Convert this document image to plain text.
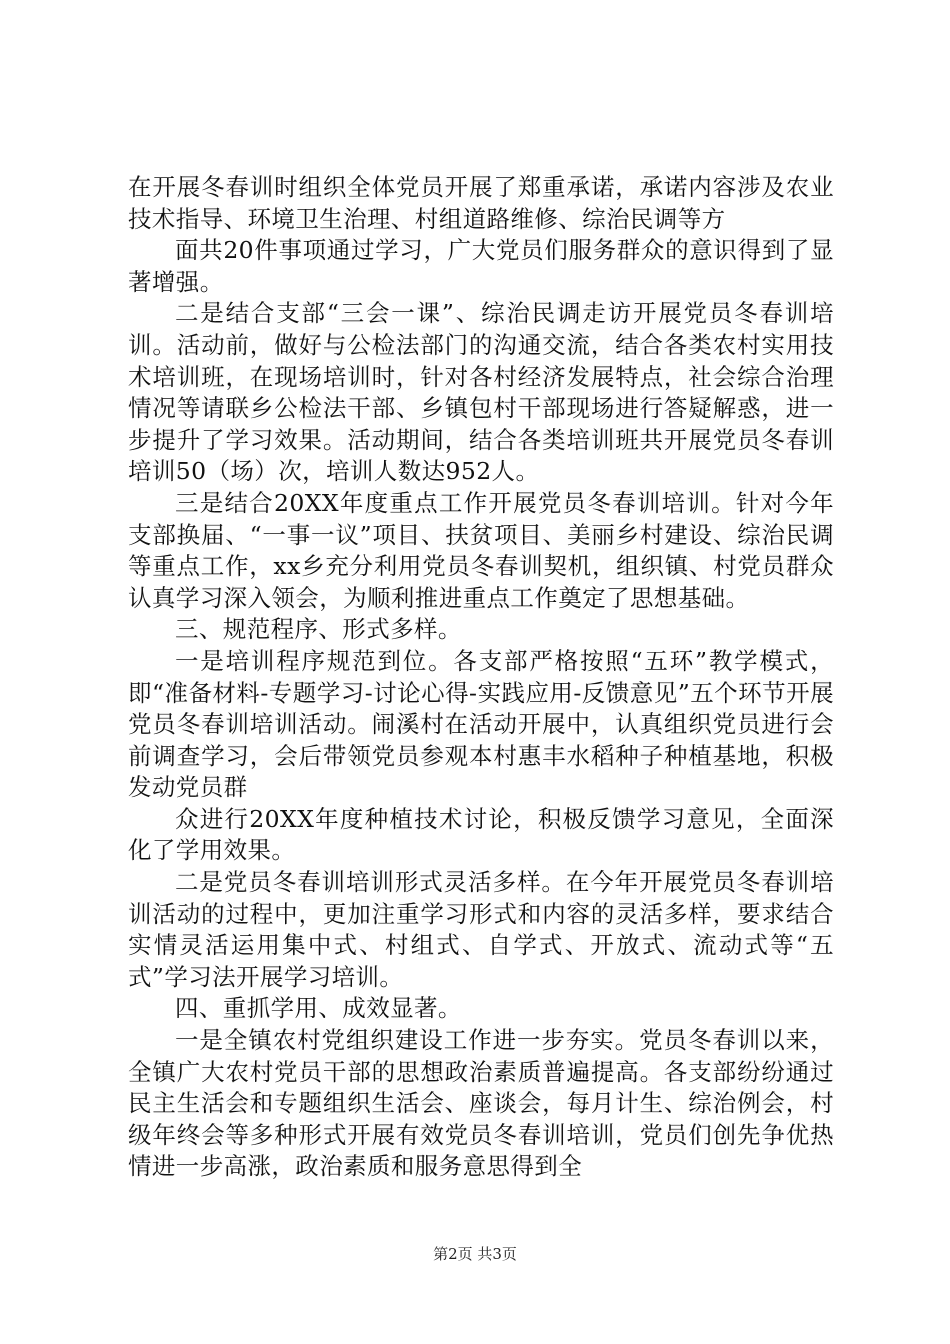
在开展冬春训时组织全体党员开展了郑重承诺，承诺内容涉及农业技术指导、环境卫生治理、村组道路维修、综治民调等方

面共20件事项通过学习，广大党员们服务群众的意识得到了显著增强。

二是结合支部“三会一课”、综治民调走访开展党员冬春训培训。活动前，做好与公检法部门的沟通交流，结合各类农村实用技术培训班，在现场培训时，针对各村经济发展特点，社会综合治理情况等请联乡公检法干部、乡镇包村干部现场进行答疑解惑，进一步提升了学习效果。活动期间，结合各类培训班共开展党员冬春训培训50（场）次，培训人数达952人。

三是结合20XX年度重点工作开展党员冬春训培训。针对今年支部换届、“一事一议”项目、扶贫项目、美丽乡村建设、综治民调等重点工作，xx乡充分利用党员冬春训契机，组织镇、村党员群众认真学习深入领会，为顺利推进重点工作奠定了思想基础。

三、规范程序、形式多样。

一是培训程序规范到位。各支部严格按照“五环”教学模式，即“准备材料-专题学习-讨论心得-实践应用-反馈意见”五个环节开展党员冬春训培训活动。闹溪村在活动开展中，认真组织党员进行会前调查学习，会后带领党员参观本村惠丰水稻种子种植基地，积极发动党员群

众进行20XX年度种植技术讨论，积极反馈学习意见，全面深化了学用效果。

二是党员冬春训培训形式灵活多样。在今年开展党员冬春训培训活动的过程中，更加注重学习形式和内容的灵活多样，要求结合实情灵活运用集中式、村组式、自学式、开放式、流动式等“五式”学习法开展学习培训。

四、重抓学用、成效显著。

一是全镇农村党组织建设工作进一步夯实。党员冬春训以来，全镇广大农村党员干部的思想政治素质普遍提高。各支部纷纷通过民主生活会和专题组织生活会、座谈会，每月计生、综治例会，村级年终会等多种形式开展有效党员冬春训培训，党员们创先争优热情进一步高涨，政治素质和服务意思得到全

第2页 共3页
